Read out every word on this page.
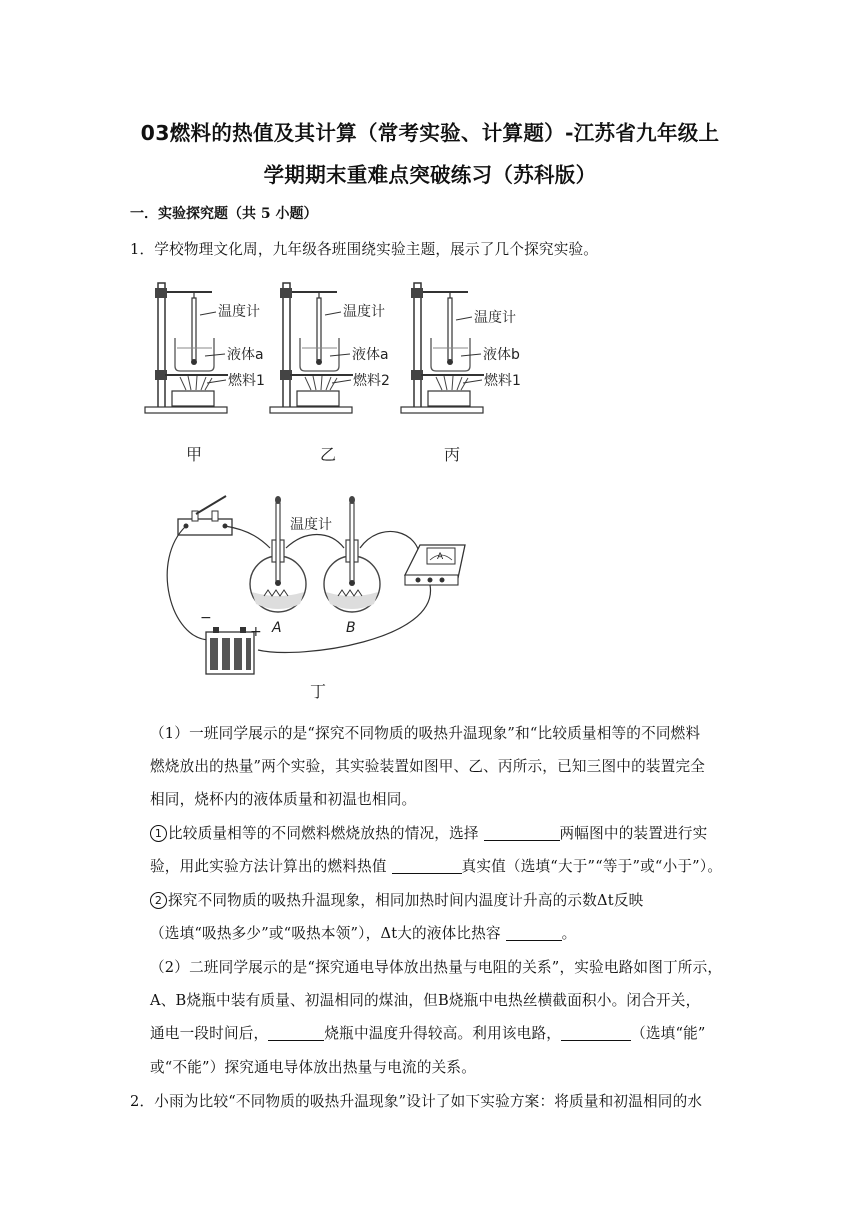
03燃料的热值及其计算（常考实验、计算题）-江苏省九年级上
学期期末重难点突破练习（苏科版）
一．实验探究题（共 5 小题）
1．学校物理文化周，九年级各班围绕实验主题，展示了几个探究实验。
温度计
液体a
燃料1
甲
温度计
液体a
燃料2
乙
温度计
液体b
燃料1
丙
A	B
温度计
A
−
+
丁
（1）一班同学展示的是“探究不同物质的吸热升温现象”和“比较质量相等的不同燃料
燃烧放出的热量”两个实验，其实验装置如图甲、乙、丙所示，已知三图中的装置完全
相同，烧杯内的液体质量和初温也相同。
1 比较质量相等的不同燃料燃烧放热的情况，选择	两幅图中的装置进行实
验，用此实验方法计算出的燃料热值	真实值（选填“大于”“等于”或“小于”）。
2 探究不同物质的吸热升温现象，相同加热时间内温度计升高的示数Δt反映
（选填“吸热多少”或“吸热本领”），Δt大的液体比热容	。
（2）二班同学展示的是“探究通电导体放出热量与电阻的关系”，实验电路如图丁所示，
A、B烧瓶中装有质量、初温相同的煤油，但B烧瓶中电热丝横截面积小。闭合开关，
通电一段时间后，	烧瓶中温度升得较高。利用该电路，	（选填“能”
或“不能”）探究通电导体放出热量与电流的关系。
2．小雨为比较“不同物质的吸热升温现象”设计了如下实验方案：将质量和初温相同的水
